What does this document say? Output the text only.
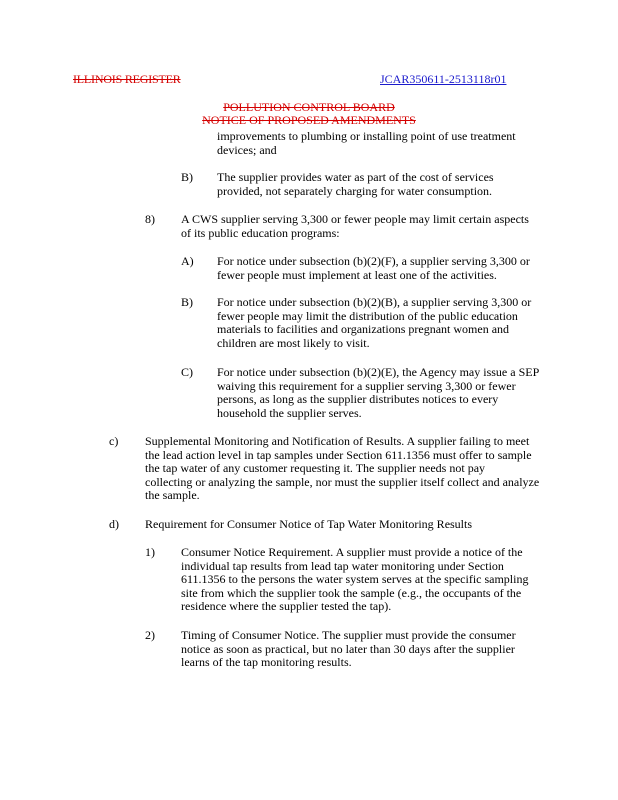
ILLINOIS REGISTER	JCAR350611-2513118r01
POLLUTION CONTROL BOARD
NOTICE OF PROPOSED AMENDMENTS
improvements to plumbing or installing point of use treatment
devices; and
B) The supplier provides water as part of the cost of services
provided, not separately charging for water consumption.
8) A CWS supplier serving 3,300 or fewer people may limit certain aspects
of its public education programs:
A) For notice under subsection (b)(2)(F), a supplier serving 3,300 or
fewer people must implement at least one of the activities.
B) For notice under subsection (b)(2)(B), a supplier serving 3,300 or
fewer people may limit the distribution of the public education
materials to facilities and organizations pregnant women and
children are most likely to visit.
C) For notice under subsection (b)(2)(E), the Agency may issue a SEP
waiving this requirement for a supplier serving 3,300 or fewer
persons, as long as the supplier distributes notices to every
household the supplier serves.
c) Supplemental Monitoring and Notification of Results. A supplier failing to meet
the lead action level in tap samples under Section 611.1356 must offer to sample
the tap water of any customer requesting it. The supplier needs not pay
collecting or analyzing the sample, nor must the supplier itself collect and analyze
the sample.
d) Requirement for Consumer Notice of Tap Water Monitoring Results
1) Consumer Notice Requirement. A supplier must provide a notice of the
individual tap results from lead tap water monitoring under Section
611.1356 to the persons the water system serves at the specific sampling
site from which the supplier took the sample (e.g., the occupants of the
residence where the supplier tested the tap).
2) Timing of Consumer Notice. The supplier must provide the consumer
notice as soon as practical, but no later than 30 days after the supplier
learns of the tap monitoring results.
